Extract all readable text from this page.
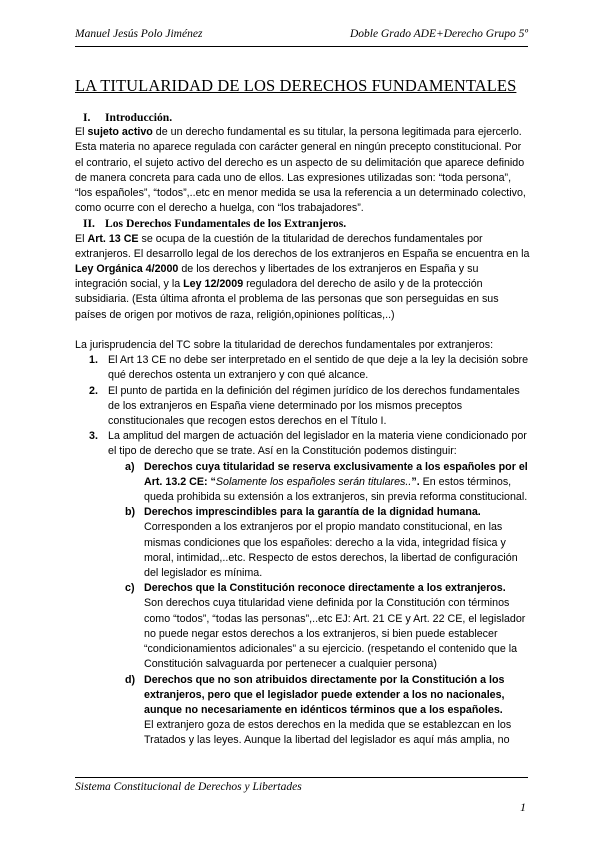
Manuel Jesús Polo Jiménez	Doble Grado ADE+Derecho Grupo 5º
LA TITULARIDAD DE LOS DERECHOS FUNDAMENTALES
I. Introducción.

El sujeto activo de un derecho fundamental es su titular, la persona legitimada para ejercerlo. Esta materia no aparece regulada con carácter general en ningún precepto constitucional. Por el contrario, el sujeto activo del derecho es un aspecto de su delimitación que aparece definido de manera concreta para cada uno de ellos. Las expresiones utilizadas son: “toda persona”, “los españoles”, “todos”,..etc en menor medida se usa la referencia a un determinado colectivo, como ocurre con el derecho a huelga, con “los trabajadores”.

II. Los Derechos Fundamentales de los Extranjeros.

El Art. 13 CE se ocupa de la cuestión de la titularidad de derechos fundamentales por extranjeros. El desarrollo legal de los derechos de los extranjeros en España se encuentra en la Ley Orgánica 4/2000 de los derechos y libertades de los extranjeros en España y su integración social, y la Ley 12/2009 reguladora del derecho de asilo y de la protección subsidiaria. (Esta última afronta el problema de las personas que son perseguidas en sus países de origen por motivos de raza, religión,opiniones políticas,..)

La jurisprudencia del TC sobre la titularidad de derechos fundamentales por extranjeros:

1. El Art 13 CE no debe ser interpretado en el sentido de que deje a la ley la decisión sobre qué derechos ostenta un extranjero y con qué alcance.
2. El punto de partida en la definición del régimen jurídico de los derechos fundamentales de los extranjeros en España viene determinado por los mismos preceptos constitucionales que recogen estos derechos en el Título I.
3. La amplitud del margen de actuación del legislador en la materia viene condicionado por el tipo de derecho que se trate. Así en la Constitución podemos distinguir:
a) Derechos cuya titularidad se reserva exclusivamente a los españoles por el Art. 13.2 CE: “Solamente los españoles serán titulares..”. En estos términos, queda prohibida su extensión a los extranjeros, sin previa reforma constitucional.
b) Derechos imprescindibles para la garantía de la dignidad humana.
Corresponden a los extranjeros por el propio mandato constitucional, en las mismas condiciones que los españoles: derecho a la vida, integridad física y moral, intimidad,..etc. Respecto de estos derechos, la libertad de configuración del legislador es mínima.
c) Derechos que la Constitución reconoce directamente a los extranjeros.
Son derechos cuya titularidad viene definida por la Constitución con términos como “todos”, “todas las personas”,..etc EJ: Art. 21 CE y Art. 22 CE, el legislador no puede negar estos derechos a los extranjeros, si bien puede establecer “condicionamientos adicionales” a su ejercicio. (respetando el contenido que la Constitución salvaguarda por pertenecer a cualquier persona)
d) Derechos que no son atribuidos directamente por la Constitución a los extranjeros, pero que el legislador puede extender a los no nacionales, aunque no necesariamente en idénticos términos que a los españoles.
El extranjero goza de estos derechos en la medida que se establezcan en los Tratados y las leyes. Aunque la libertad del legislador es aquí más amplia, no
Sistema Constitucional de Derechos y Libertades
1
